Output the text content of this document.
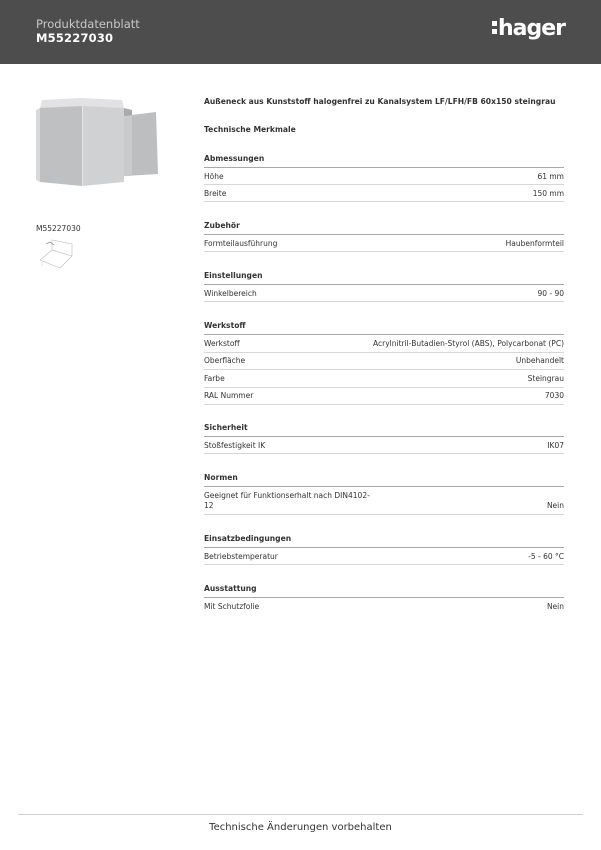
Produktdatenblatt
M55227030	hager
M55227030
Außeneck aus Kunststoff halogenfrei zu Kanalsystem LF/LFH/FB 60x150 steingrau
Technische Merkmale
Abmessungen
Höhe	61 mm
Breite	150 mm
Zubehör
Formteilausführung	Haubenformteil
Einstellungen
Winkelbereich	90 - 90
Werkstoff
Werkstoff	Acrylnitril-Butadien-Styrol (ABS), Polycarbonat (PC)
Oberfläche	Unbehandelt
Farbe	Steingrau
RAL Nummer	7030
Sicherheit
Stoßfestigkeit IK	IK07
Normen
Geeignet für Funktionserhalt nach DIN4102-12	Nein
Einsatzbedingungen
Betriebstemperatur	-5 - 60 °C
Ausstattung
Mit Schutzfolie	Nein
Technische Änderungen vorbehalten
